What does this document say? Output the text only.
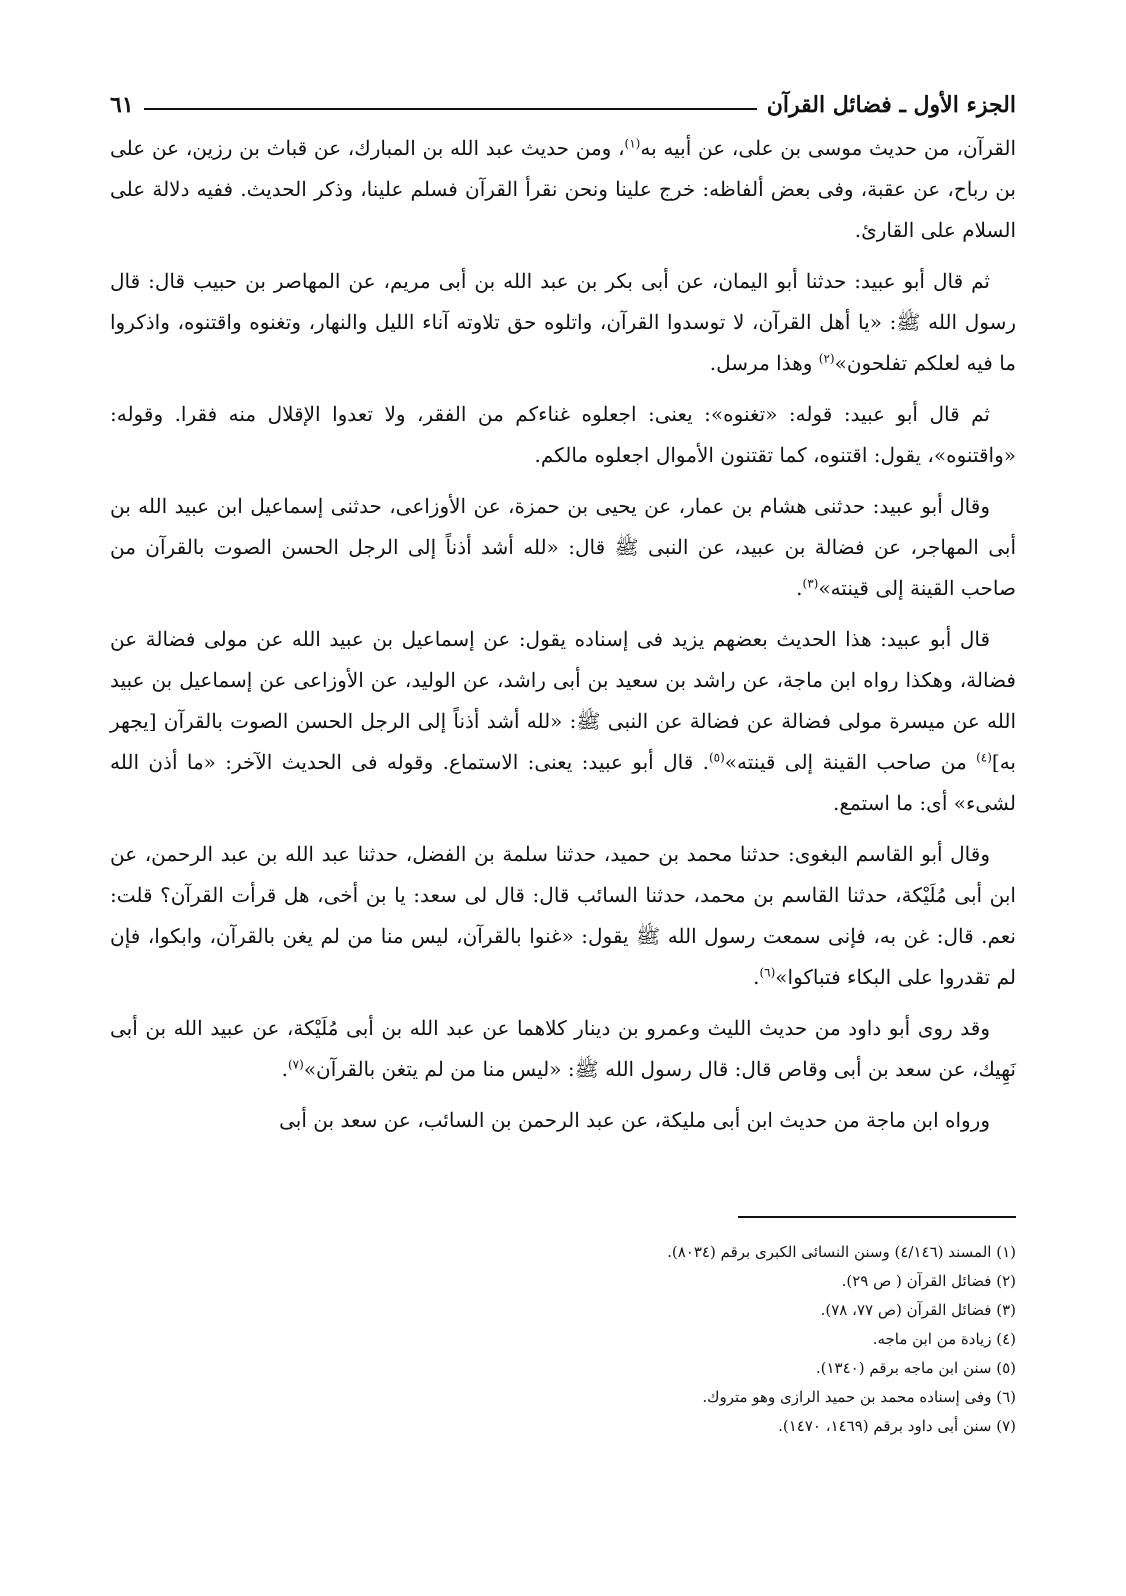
الجزء الأول ـ فضائل القرآن
٦١

القرآن، من حديث موسى بن على، عن أبيه به$^{(١)}$، ومن حديث عبد الله بن المبارك، عن قباث بن رزين، عن على بن رباح، عن عقبة، وفى بعض ألفاظه: خرج علينا ونحن نقرأ القرآن فسلم علينا، وذكر الحديث. ففيه دلالة على السلام على القارئ.

ثم قال أبو عبيد: حدثنا أبو اليمان، عن أبى بكر بن عبد الله بن أبى مريم، عن المهاصر بن حبيب قال: قال رسول الله ﷺ: «يا أهل القرآن، لا توسدوا القرآن، واتلوه حق تلاوته آناء الليل والنهار، وتغنوه واقتنوه، واذكروا ما فيه لعلكم تفلحون»$^{(٢)}$ وهذا مرسل.

ثم قال أبو عبيد: قوله: «تغنوه»: يعنى: اجعلوه غناءكم من الفقر، ولا تعدوا الإقلال منه فقرا. وقوله: «واقتنوه»، يقول: اقتنوه، كما تقتنون الأموال اجعلوه مالكم.

وقال أبو عبيد: حدثنى هشام بن عمار، عن يحيى بن حمزة، عن الأوزاعى، حدثنى إسماعيل ابن عبيد الله بن أبى المهاجر، عن فضالة بن عبيد، عن النبى ﷺ قال: «لله أشد أذناً إلى الرجل الحسن الصوت بالقرآن من صاحب القينة إلى قينته»$^{(٣)}$.

قال أبو عبيد: هذا الحديث بعضهم يزيد فى إسناده يقول: عن إسماعيل بن عبيد الله عن مولى فضالة عن فضالة، وهكذا رواه ابن ماجة، عن راشد بن سعيد بن أبى راشد، عن الوليد، عن الأوزاعى عن إسماعيل بن عبيد الله عن ميسرة مولى فضالة عن فضالة عن النبى ﷺ: «لله أشد أذناً إلى الرجل الحسن الصوت بالقرآن [يجهر به]$^{(٤)}$ من صاحب القينة إلى قينته»$^{(٥)}$. قال أبو عبيد: يعنى: الاستماع. وقوله فى الحديث الآخر: «ما أذن الله لشىء» أى: ما استمع.

وقال أبو القاسم البغوى: حدثنا محمد بن حميد، حدثنا سلمة بن الفضل، حدثنا عبد الله بن عبد الرحمن، عن ابن أبى مُلَيْكة، حدثنا القاسم بن محمد، حدثنا السائب قال: قال لى سعد: يا بن أخى، هل قرأت القرآن؟ قلت: نعم. قال: غن به، فإنى سمعت رسول الله ﷺ يقول: «غنوا بالقرآن، ليس منا من لم يغن بالقرآن، وابكوا، فإن لم تقدروا على البكاء فتباكوا»$^{(٦)}$.

وقد روى أبو داود من حديث الليث وعمرو بن دينار كلاهما عن عبد الله بن أبى مُلَيْكة، عن عبيد الله بن أبى نَهِيك، عن سعد بن أبى وقاص قال: قال رسول الله ﷺ: «ليس منا من لم يتغن بالقرآن»$^{(٧)}$.

ورواه ابن ماجة من حديث ابن أبى مليكة، عن عبد الرحمن بن السائب، عن سعد بن أبى

(١) المسند (٤/١٤٦) وسنن النسائى الكبرى برقم (٨٠٣٤).
(٢) فضائل القرآن ( ص ٢٩).
(٣) فضائل القرآن (ص ٧٧، ٧٨).
(٤) زيادة من ابن ماجه.
(٥) سنن ابن ماجه برقم (١٣٤٠).
(٦) وفى إسناده محمد بن حميد الرازى وهو متروك.
(٧) سنن أبى داود برقم (١٤٦٩، ١٤٧٠).
